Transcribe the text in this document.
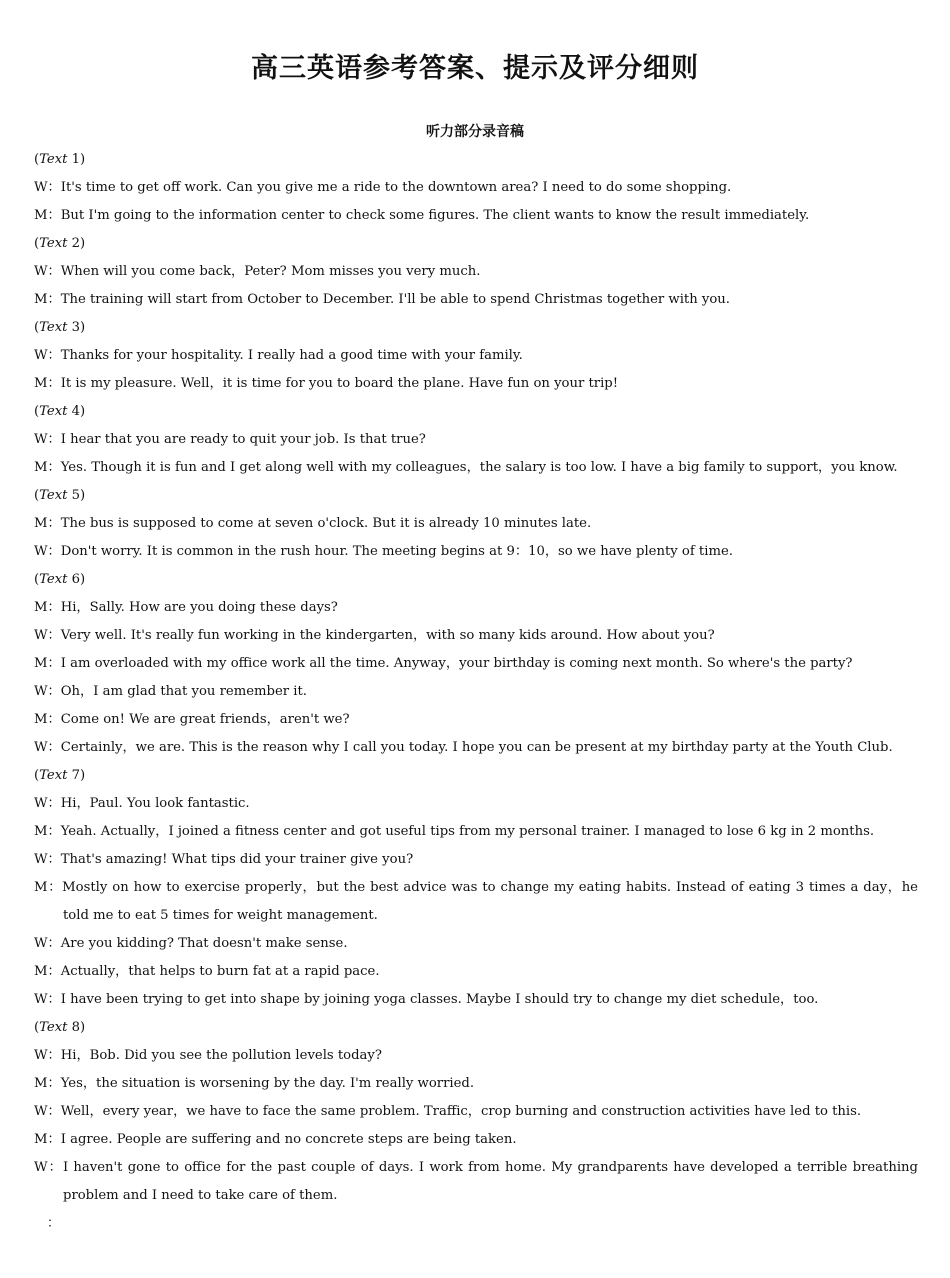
高三英语参考答案、提示及评分细则
听力部分录音稿
(Text 1)
W：It's time to get off work. Can you give me a ride to the downtown area? I need to do some shopping.
M：But I'm going to the information center to check some figures. The client wants to know the result immediately.
(Text 2)
W：When will you come back，Peter? Mom misses you very much.
M：The training will start from October to December. I'll be able to spend Christmas together with you.
(Text 3)
W：Thanks for your hospitality. I really had a good time with your family.
M：It is my pleasure. Well，it is time for you to board the plane. Have fun on your trip!
(Text 4)
W：I hear that you are ready to quit your job. Is that true?
M：Yes. Though it is fun and I get along well with my colleagues，the salary is too low. I have a big family to support，you know.
(Text 5)
M：The bus is supposed to come at seven o'clock. But it is already 10 minutes late.
W：Don't worry. It is common in the rush hour. The meeting begins at 9：10，so we have plenty of time.
(Text 6)
M：Hi，Sally. How are you doing these days?
W：Very well. It's really fun working in the kindergarten，with so many kids around. How about you?
M：I am overloaded with my office work all the time. Anyway，your birthday is coming next month. So where's the party?
W：Oh，I am glad that you remember it.
M：Come on! We are great friends，aren't we?
W：Certainly，we are. This is the reason why I call you today. I hope you can be present at my birthday party at the Youth Club.
(Text 7)
W：Hi，Paul. You look fantastic.
M：Yeah. Actually，I joined a fitness center and got useful tips from my personal trainer. I managed to lose 6 kg in 2 months.
W：That's amazing! What tips did your trainer give you?
M：Mostly on how to exercise properly，but the best advice was to change my eating habits. Instead of eating 3 times a day，he told me to eat 5 times for weight management.
W：Are you kidding? That doesn't make sense.
M：Actually，that helps to burn fat at a rapid pace.
W：I have been trying to get into shape by joining yoga classes. Maybe I should try to change my diet schedule，too.
(Text 8)
W：Hi，Bob. Did you see the pollution levels today?
M：Yes，the situation is worsening by the day. I'm really worried.
W：Well，every year，we have to face the same problem. Traffic，crop burning and construction activities have led to this.
M：I agree. People are suffering and no concrete steps are being taken.
W：I haven't gone to office for the past couple of days. I work from home. My grandparents have developed a terrible breathing problem and I need to take care of them.
：
